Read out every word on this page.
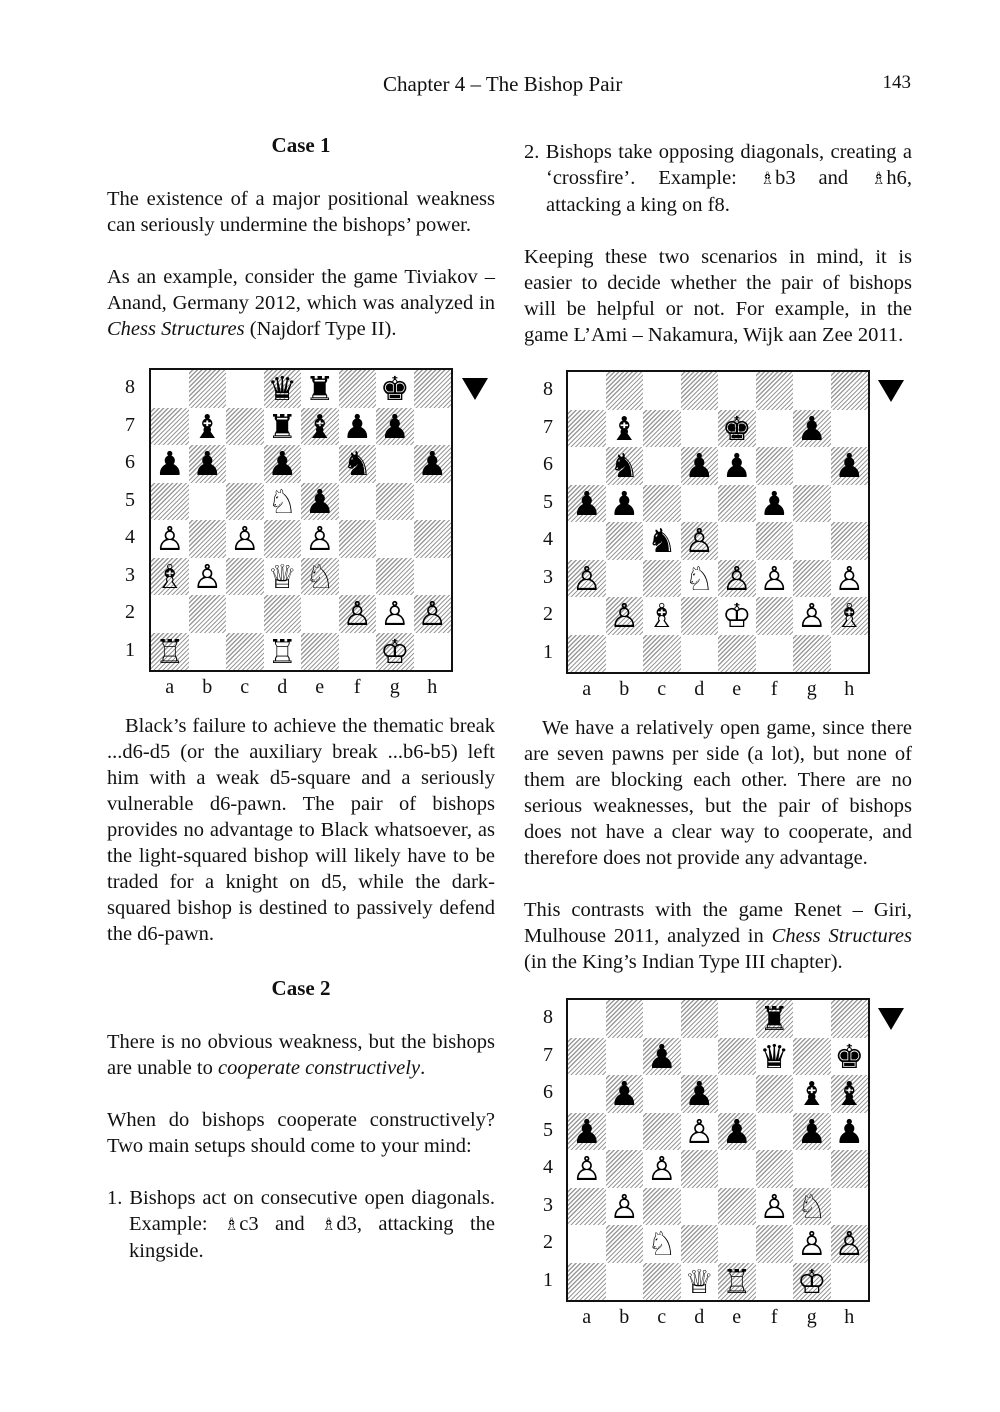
Chapter 4 – The Bishop Pair	143

Case 1

The existence of a major positional weakness can seriously undermine the bishops’ power.

As an example, consider the game Tiviakov – Anand, Germany 2012, which was analyzed in Chess Structures (Najdorf Type II).

Black’s failure to achieve the thematic break ...d6-d5 (or the auxiliary break ...b6-b5) left him with a weak d5-square and a seriously vulnerable d6-pawn. The pair of bishops provides no advantage to Black whatsoever, as the light-squared bishop will likely have to be traded for a knight on d5, while the dark-squared bishop is destined to passively defend the d6-pawn.

Case 2

There is no obvious weakness, but the bishops are unable to cooperate constructively.

When do bishops cooperate constructively? Two main setups should come to your mind:

1. Bishops act on consecutive open diagonals. Example: ♗c3 and ♗d3, attacking the kingside.

2. Bishops take opposing diagonals, creating a ‘crossfire’. Example: ♗b3 and ♗h6, attacking a king on f8.

Keeping these two scenarios in mind, it is easier to decide whether the pair of bishops will be helpful or not. For example, in the game L’Ami – Nakamura, Wijk aan Zee 2011.

We have a relatively open game, since there are seven pawns per side (a lot), but none of them are blocking each other. There are no serious weaknesses, but the pair of bishops does not have a clear way to cooperate, and therefore does not provide any advantage.

This contrasts with the game Renet – Giri, Mulhouse 2011, analyzed in Chess Structures (in the King’s Indian Type III chapter).

♛ ♜ ♚
♝ ♜ ♝ ♟ ♟
♟ ♟ ♟ ♞ ♟
♘ ♟
♙ ♙ ♙
♗ ♙ ♕ ♘
♙ ♙ ♙
♖	♖	♔
8
7
6
5
4
3
2
1
a	b	c	d	e	f	g	h
♝	♚ ♟
♞ ♟ ♟	♟
♟ ♟	♟
♞ ♙
♙	♘ ♙ ♙ ♙
♙ ♗ ♔ ♙ ♗
8
7
6
5
4
3
2
1
a	b	c	d	e	f	g	h
♜
♟	♛ ♚
♟ ♟	♝ ♝
♟	♙ ♟ ♟ ♟
♙ ♙
♙	♙ ♘
♘	♙ ♙
♕ ♖ ♔
8
7
6
5
4
3
2
1
a	b	c	d	e	f	g	h
